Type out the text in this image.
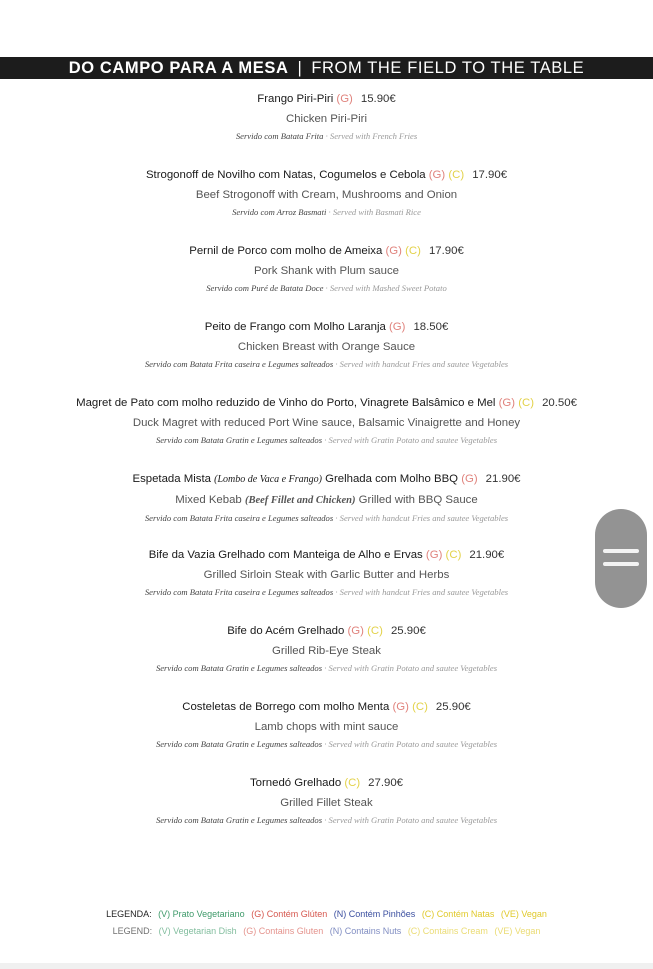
DO CAMPO PARA A MESA | FROM THE FIELD TO THE TABLE
Frango Piri-Piri (G) 15.90€
Chicken Piri-Piri
Servido com Batata Frita · Served with French Fries
Strogonoff de Novilho com Natas, Cogumelos e Cebola (G) (C) 17.90€
Beef Strogonoff with Cream, Mushrooms and Onion
Servido com Arroz Basmati · Served with Basmati Rice
Pernil de Porco com molho de Ameixa (G) (C) 17.90€
Pork Shank with Plum sauce
Servido com Puré de Batata Doce · Served with Mashed Sweet Potato
Peito de Frango com Molho Laranja (G) 18.50€
Chicken Breast with Orange Sauce
Servido com Batata Frita caseira e Legumes salteados · Served with handcut Fries and sautee Vegetables
Magret de Pato com molho reduzido de Vinho do Porto, Vinagrete Balsâmico e Mel (G) (C) 20.50€
Duck Magret with reduced Port Wine sauce, Balsamic Vinaigrette and Honey
Servido com Batata Gratin e Legumes salteados · Served with Gratin Potato and sautee Vegetables
Espetada Mista (Lombo de Vaca e Frango) Grelhada com Molho BBQ (G) 21.90€
Mixed Kebab (Beef Fillet and Chicken) Grilled with BBQ Sauce
Servido com Batata Frita caseira e Legumes salteados · Served with handcut Fries and sautee Vegetables
Bife da Vazia Grelhado com Manteiga de Alho e Ervas (G) (C) 21.90€
Grilled Sirloin Steak with Garlic Butter and Herbs
Servido com Batata Frita caseira e Legumes salteados · Served with handcut Fries and sautee Vegetables
Bife do Acém Grelhado (G) (C) 25.90€
Grilled Rib-Eye Steak
Servido com Batata Gratin e Legumes salteados · Served with Gratin Potato and sautee Vegetables
Costeletas de Borrego com molho Menta (G) (C) 25.90€
Lamb chops with mint sauce
Servido com Batata Gratin e Legumes salteados · Served with Gratin Potato and sautee Vegetables
Tornedó Grelhado (C) 27.90€
Grilled Fillet Steak
Servido com Batata Gratin e Legumes salteados · Served with Gratin Potato and sautee Vegetables
LEGENDA: (V) Prato Vegetariano (G) Contém Glúten (N) Contém Pinhões (C) Contém Natas (VE) Vegan
LEGEND: (V) Vegetarian Dish (G) Contains Gluten (N) Contains Nuts (C) Contains Cream (VE) Vegan
